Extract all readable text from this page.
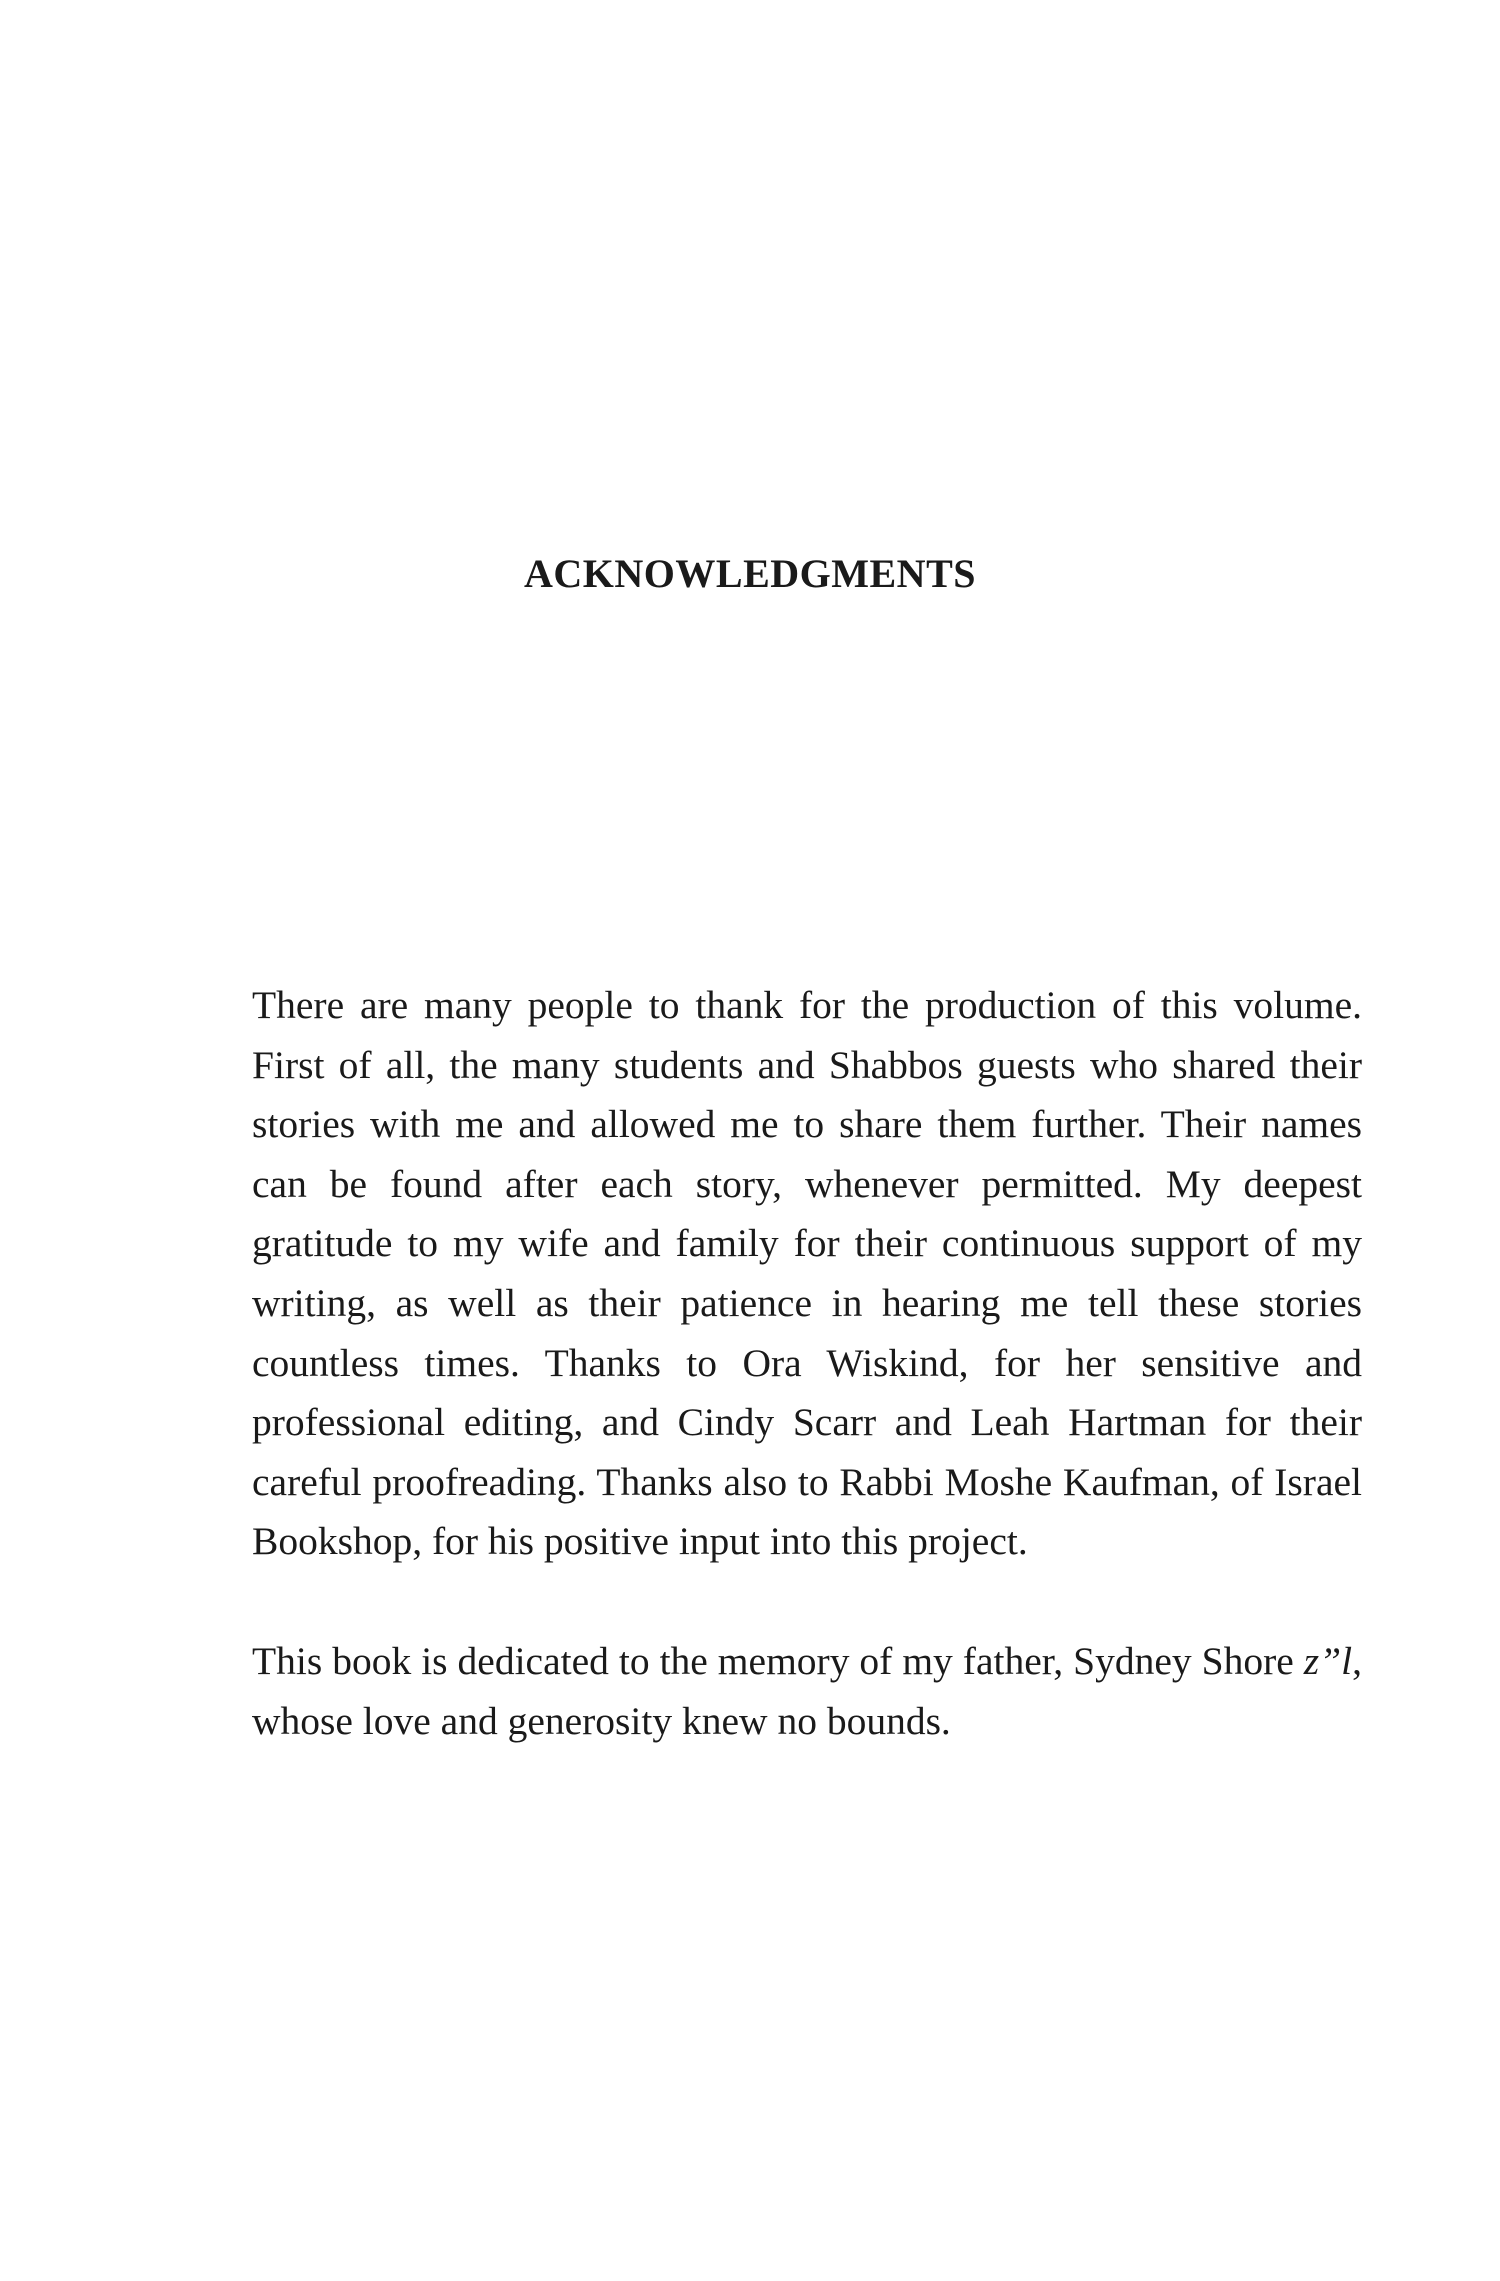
ACKNOWLEDGMENTS

There are many people to thank for the production of this volume. First of all, the many students and Shabbos guests who shared their stories with me and allowed me to share them further. Their names can be found after each story, whenever permitted. My deepest gratitude to my wife and family for their continuous support of my writing, as well as their patience in hearing me tell these stories countless times. Thanks to Ora Wiskind, for her sensitive and professional editing, and Cindy Scarr and Leah Hartman for their careful proofreading. Thanks also to Rabbi Moshe Kaufman, of Israel Bookshop, for his positive input into this project.

This book is dedicated to the memory of my father, Sydney Shore z”l, whose love and generosity knew no bounds.
